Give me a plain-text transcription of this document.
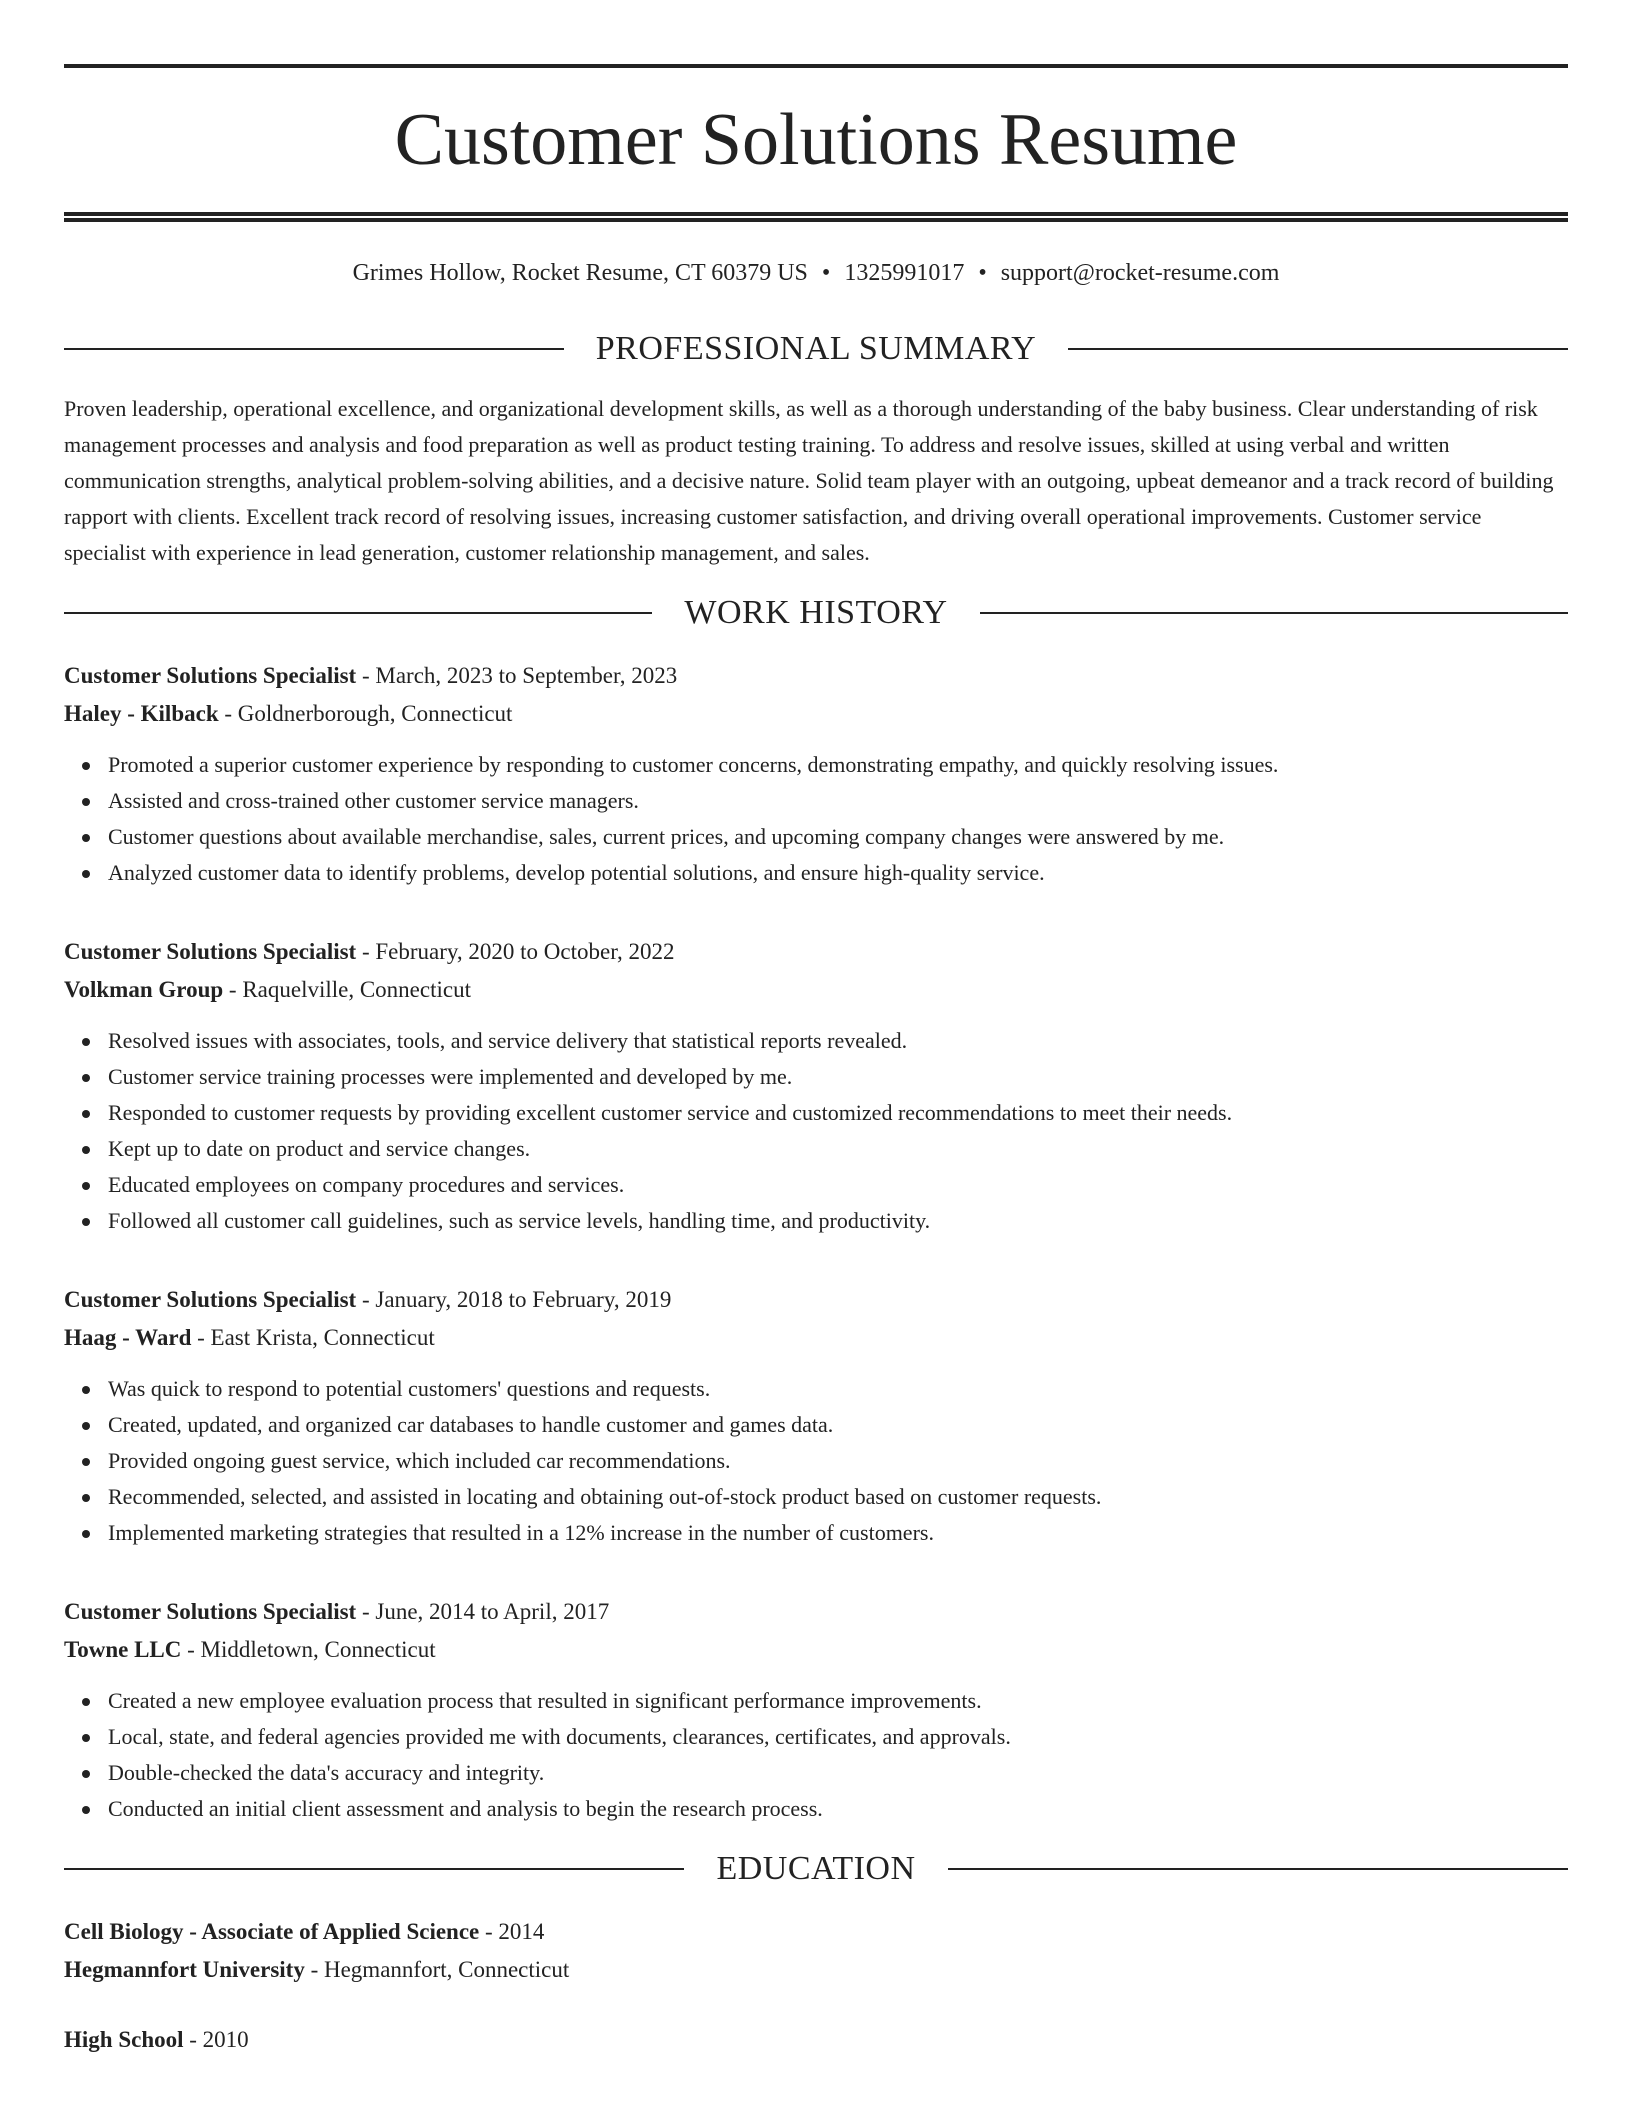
Customer Solutions Resume
Grimes Hollow, Rocket Resume, CT 60379 US • 1325991017 • support@rocket-resume.com
PROFESSIONAL SUMMARY

Proven leadership, operational excellence, and organizational development skills, as well as a thorough understanding of the baby business. Clear understanding of risk management processes and analysis and food preparation as well as product testing training. To address and resolve issues, skilled at using verbal and written communication strengths, analytical problem-solving abilities, and a decisive nature. Solid team player with an outgoing, upbeat demeanor and a track record of building rapport with clients. Excellent track record of resolving issues, increasing customer satisfaction, and driving overall operational improvements. Customer service specialist with experience in lead generation, customer relationship management, and sales.

WORK HISTORY
Customer Solutions Specialist - March, 2023 to September, 2023
Haley - Kilback - Goldnerborough, Connecticut
Promoted a superior customer experience by responding to customer concerns, demonstrating empathy, and quickly resolving issues.
Assisted and cross-trained other customer service managers.
Customer questions about available merchandise, sales, current prices, and upcoming company changes were answered by me.
Analyzed customer data to identify problems, develop potential solutions, and ensure high-quality service.
Customer Solutions Specialist - February, 2020 to October, 2022
Volkman Group - Raquelville, Connecticut
Resolved issues with associates, tools, and service delivery that statistical reports revealed.
Customer service training processes were implemented and developed by me.
Responded to customer requests by providing excellent customer service and customized recommendations to meet their needs.
Kept up to date on product and service changes.
Educated employees on company procedures and services.
Followed all customer call guidelines, such as service levels, handling time, and productivity.
Customer Solutions Specialist - January, 2018 to February, 2019
Haag - Ward - East Krista, Connecticut
Was quick to respond to potential customers' questions and requests.
Created, updated, and organized car databases to handle customer and games data.
Provided ongoing guest service, which included car recommendations.
Recommended, selected, and assisted in locating and obtaining out-of-stock product based on customer requests.
Implemented marketing strategies that resulted in a 12% increase in the number of customers.
Customer Solutions Specialist - June, 2014 to April, 2017
Towne LLC - Middletown, Connecticut
Created a new employee evaluation process that resulted in significant performance improvements.
Local, state, and federal agencies provided me with documents, clearances, certificates, and approvals.
Double-checked the data's accuracy and integrity.
Conducted an initial client assessment and analysis to begin the research process.
EDUCATION
Cell Biology - Associate of Applied Science - 2014
Hegmannfort University - Hegmannfort, Connecticut
High School - 2010
